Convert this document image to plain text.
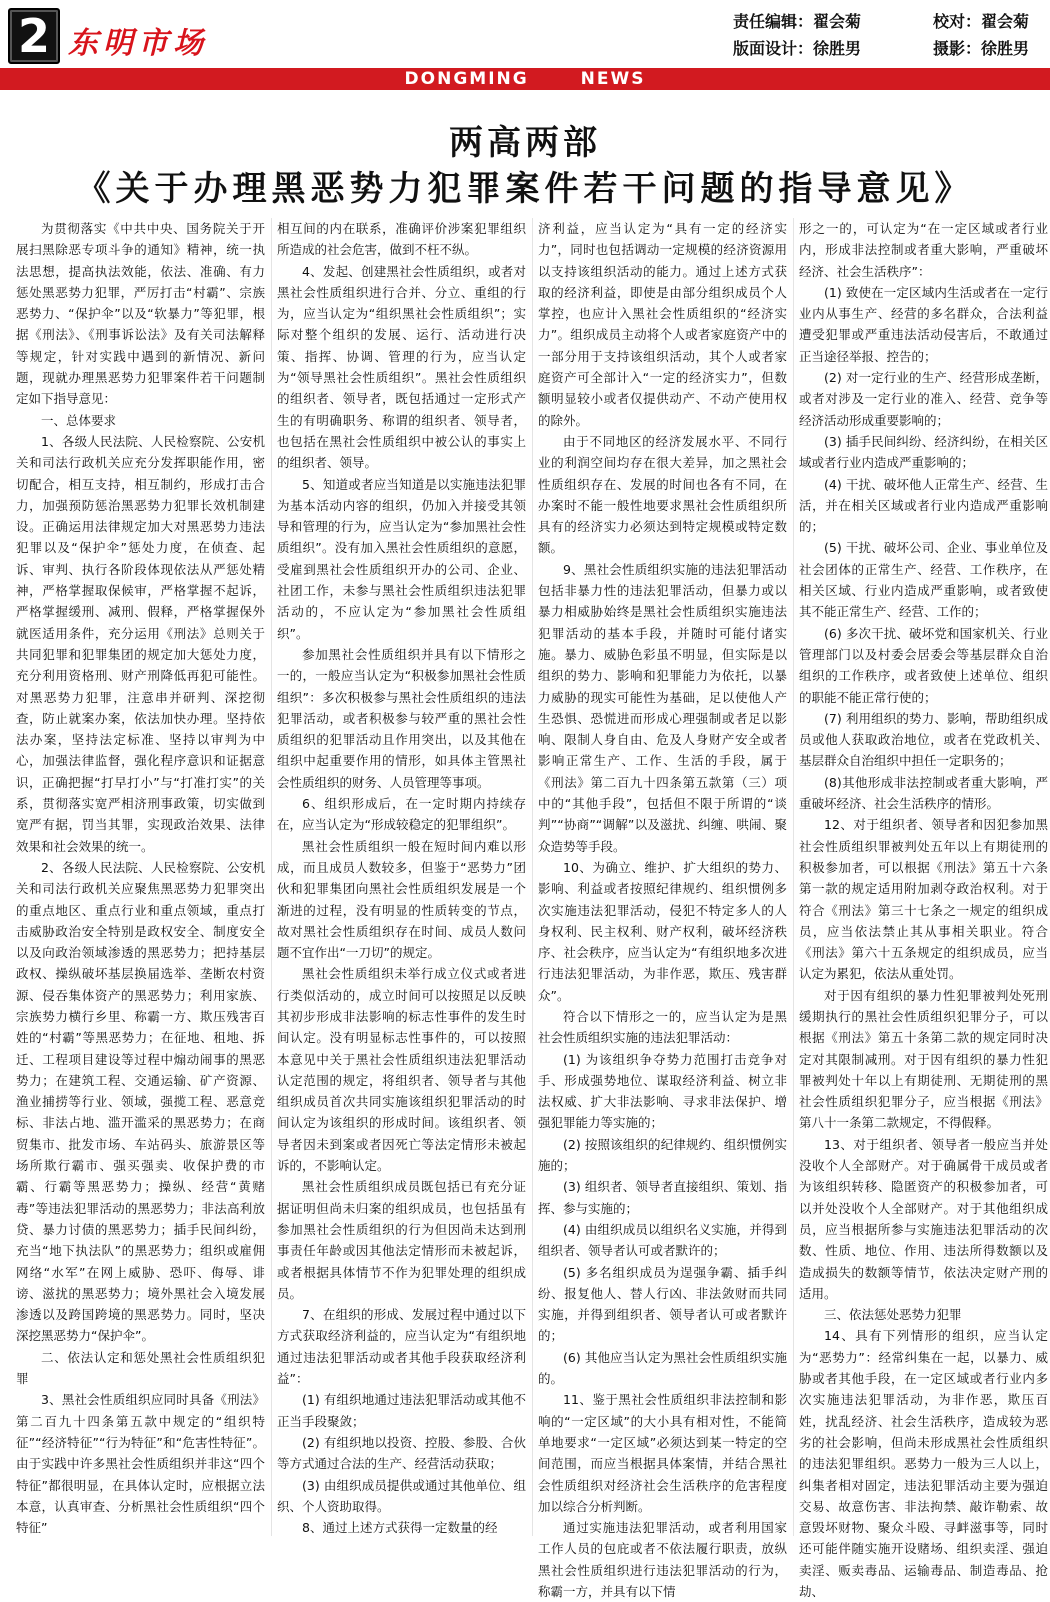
2 东明市场
责任编辑：翟会菊
版面设计：徐胜男
校对：翟会菊
摄影：徐胜男
DONGMING	NEWS
两高两部
《关于办理黑恶势力犯罪案件若干问题的指导意见》

为贯彻落实《中共中央、国务院关于开展扫黑除恶专项斗争的通知》精神，统一执法思想，提高执法效能，依法、准确、有力惩处黑恶势力犯罪，严厉打击“村霸”、宗族恶势力、“保护伞”以及“软暴力”等犯罪，根据《刑法》、《刑事诉讼法》及有关司法解释等规定，针对实践中遇到的新情况、新问题，现就办理黑恶势力犯罪案件若干问题制定如下指导意见：

一、总体要求

1、各级人民法院、人民检察院、公安机关和司法行政机关应充分发挥职能作用，密切配合，相互支持，相互制约，形成打击合力，加强预防惩治黑恶势力犯罪长效机制建设。正确运用法律规定加大对黑恶势力违法犯罪以及“保护伞”惩处力度，在侦查、起诉、审判、执行各阶段体现依法从严惩处精神，严格掌握取保候审，严格掌握不起诉，严格掌握缓刑、减刑、假释，严格掌握保外就医适用条件，充分运用《刑法》总则关于共同犯罪和犯罪集团的规定加大惩处力度，充分利用资格刑、财产刑降低再犯可能性。对黑恶势力犯罪，注意串并研判、深挖彻查，防止就案办案，依法加快办理。坚持依法办案，坚持法定标准、坚持以审判为中心，加强法律监督，强化程序意识和证据意识，正确把握“打早打小”与“打准打实”的关系，贯彻落实宽严相济刑事政策，切实做到宽严有据，罚当其罪，实现政治效果、法律效果和社会效果的统一。

2、各级人民法院、人民检察院、公安机关和司法行政机关应聚焦黑恶势力犯罪突出的重点地区、重点行业和重点领域，重点打击威胁政治安全特别是政权安全、制度安全以及向政治领域渗透的黑恶势力；把持基层政权、操纵破坏基层换届选举、垄断农村资源、侵吞集体资产的黑恶势力；利用家族、宗族势力横行乡里、称霸一方、欺压残害百姓的“村霸”等黑恶势力；在征地、租地、拆迁、工程项目建设等过程中煽动闹事的黑恶势力；在建筑工程、交通运输、矿产资源、渔业捕捞等行业、领域，强揽工程、恶意竞标、非法占地、滥开滥采的黑恶势力；在商贸集市、批发市场、车站码头、旅游景区等场所欺行霸市、强买强卖、收保护费的市霸、行霸等黑恶势力；操纵、经营“黄赌毒”等违法犯罪活动的黑恶势力；非法高利放贷、暴力讨债的黑恶势力；插手民间纠纷，充当“地下执法队”的黑恶势力；组织或雇佣网络“水军”在网上威胁、恐吓、侮辱、诽谤、滋扰的黑恶势力；境外黑社会入境发展渗透以及跨国跨境的黑恶势力。同时，坚决深挖黑恶势力“保护伞”。

二、依法认定和惩处黑社会性质组织犯罪

3、黑社会性质组织应同时具备《刑法》第二百九十四条第五款中规定的“组织特征”“经济特征”“行为特征”和“危害性特征”。由于实践中许多黑社会性质组织并非这“四个特征”都很明显，在具体认定时，应根据立法本意，认真审查、分析黑社会性质组织“四个特征”

相互间的内在联系，准确评价涉案犯罪组织所造成的社会危害，做到不枉不纵。

4、发起、创建黑社会性质组织，或者对黑社会性质组织进行合并、分立、重组的行为，应当认定为“组织黑社会性质组织”；实际对整个组织的发展、运行、活动进行决策、指挥、协调、管理的行为，应当认定为“领导黑社会性质组织”。黑社会性质组织的组织者、领导者，既包括通过一定形式产生的有明确职务、称谓的组织者、领导者，也包括在黑社会性质组织中被公认的事实上的组织者、领导。

5、知道或者应当知道是以实施违法犯罪为基本活动内容的组织，仍加入并接受其领导和管理的行为，应当认定为“参加黑社会性质组织”。没有加入黑社会性质组织的意愿，受雇到黑社会性质组织开办的公司、企业、社团工作，未参与黑社会性质组织违法犯罪活动的，不应认定为“参加黑社会性质组织”。

参加黑社会性质组织并具有以下情形之一的，一般应当认定为“积极参加黑社会性质组织”：多次积极参与黑社会性质组织的违法犯罪活动，或者积极参与较严重的黑社会性质组织的犯罪活动且作用突出，以及其他在组织中起重要作用的情形，如具体主管黑社会性质组织的财务、人员管理等事项。

6、组织形成后，在一定时期内持续存在，应当认定为“形成较稳定的犯罪组织”。

黑社会性质组织一般在短时间内难以形成，而且成员人数较多，但鉴于“恶势力”团伙和犯罪集团向黑社会性质组织发展是一个渐进的过程，没有明显的性质转变的节点，故对黑社会性质组织存在时间、成员人数问题不宜作出“一刀切”的规定。

黑社会性质组织未举行成立仪式或者进行类似活动的，成立时间可以按照足以反映其初步形成非法影响的标志性事件的发生时间认定。没有明显标志性事件的，可以按照本意见中关于黑社会性质组织违法犯罪活动认定范围的规定，将组织者、领导者与其他组织成员首次共同实施该组织犯罪活动的时间认定为该组织的形成时间。该组织者、领导者因未到案或者因死亡等法定情形未被起诉的，不影响认定。

黑社会性质组织成员既包括已有充分证据证明但尚未归案的组织成员，也包括虽有参加黑社会性质组织的行为但因尚未达到刑事责任年龄或因其他法定情形而未被起诉，或者根据具体情节不作为犯罪处理的组织成员。

7、在组织的形成、发展过程中通过以下方式获取经济利益的，应当认定为“有组织地通过违法犯罪活动或者其他手段获取经济利益”：

(1) 有组织地通过违法犯罪活动或其他不正当手段聚敛；

(2) 有组织地以投资、控股、参股、合伙等方式通过合法的生产、经营活动获取；

(3) 由组织成员提供或通过其他单位、组织、个人资助取得。

8、通过上述方式获得一定数量的经

济利益，应当认定为“具有一定的经济实力”，同时也包括调动一定规模的经济资源用以支持该组织活动的能力。通过上述方式获取的经济利益，即使是由部分组织成员个人掌控，也应计入黑社会性质组织的“经济实力”。组织成员主动将个人或者家庭资产中的一部分用于支持该组织活动，其个人或者家庭资产可全部计入“一定的经济实力”，但数额明显较小或者仅提供动产、不动产使用权的除外。

由于不同地区的经济发展水平、不同行业的利润空间均存在很大差异，加之黑社会性质组织存在、发展的时间也各有不同，在办案时不能一般性地要求黑社会性质组织所具有的经济实力必须达到特定规模或特定数额。

9、黑社会性质组织实施的违法犯罪活动包括非暴力性的违法犯罪活动，但暴力或以暴力相威胁始终是黑社会性质组织实施违法犯罪活动的基本手段，并随时可能付诸实施。暴力、威胁色彩虽不明显，但实际是以组织的势力、影响和犯罪能力为依托，以暴力威胁的现实可能性为基础，足以使他人产生恐惧、恐慌进而形成心理强制或者足以影响、限制人身自由、危及人身财产安全或者影响正常生产、工作、生活的手段，属于《刑法》第二百九十四条第五款第（三）项中的“其他手段”，包括但不限于所谓的“谈判”“协商”“调解”以及滋扰、纠缠、哄闹、聚众造势等手段。

10、为确立、维护、扩大组织的势力、影响、利益或者按照纪律规约、组织惯例多次实施违法犯罪活动，侵犯不特定多人的人身权利、民主权利、财产权利，破坏经济秩序、社会秩序，应当认定为“有组织地多次进行违法犯罪活动，为非作恶，欺压、残害群众”。

符合以下情形之一的，应当认定为是黑社会性质组织实施的违法犯罪活动：

(1) 为该组织争夺势力范围打击竞争对手、形成强势地位、谋取经济利益、树立非法权威、扩大非法影响、寻求非法保护、增强犯罪能力等实施的；

(2) 按照该组织的纪律规约、组织惯例实施的；

(3) 组织者、领导者直接组织、策划、指挥、参与实施的；

(4) 由组织成员以组织名义实施，并得到组织者、领导者认可或者默许的；

(5) 多名组织成员为逞强争霸、插手纠纷、报复他人、替人行凶、非法敛财而共同实施，并得到组织者、领导者认可或者默许的；

(6) 其他应当认定为黑社会性质组织实施的。

11、鉴于黑社会性质组织非法控制和影响的“一定区域”的大小具有相对性，不能简单地要求“一定区域”必须达到某一特定的空间范围，而应当根据具体案情，并结合黑社会性质组织对经济社会生活秩序的危害程度加以综合分析判断。

通过实施违法犯罪活动，或者利用国家工作人员的包庇或者不依法履行职责，放纵黑社会性质组织进行违法犯罪活动的行为，称霸一方，并具有以下情

形之一的，可认定为“在一定区域或者行业内，形成非法控制或者重大影响，严重破坏经济、社会生活秩序”：

(1) 致使在一定区域内生活或者在一定行业内从事生产、经营的多名群众，合法利益遭受犯罪或严重违法活动侵害后，不敢通过正当途径举报、控告的；

(2) 对一定行业的生产、经营形成垄断，或者对涉及一定行业的准入、经营、竞争等经济活动形成重要影响的；

(3) 插手民间纠纷、经济纠纷，在相关区域或者行业内造成严重影响的；

(4) 干扰、破坏他人正常生产、经营、生活，并在相关区域或者行业内造成严重影响的；

(5) 干扰、破坏公司、企业、事业单位及社会团体的正常生产、经营、工作秩序，在相关区域、行业内造成严重影响，或者致使其不能正常生产、经营、工作的；

(6) 多次干扰、破坏党和国家机关、行业管理部门以及村委会居委会等基层群众自治组织的工作秩序，或者致使上述单位、组织的职能不能正常行使的；

(7) 利用组织的势力、影响，帮助组织成员或他人获取政治地位，或者在党政机关、基层群众自治组织中担任一定职务的；

(8)其他形成非法控制或者重大影响，严重破坏经济、社会生活秩序的情形。

12、对于组织者、领导者和因犯参加黑社会性质组织罪被判处五年以上有期徒刑的积极参加者，可以根据《刑法》第五十六条第一款的规定适用附加剥夺政治权利。对于符合《刑法》第三十七条之一规定的组织成员，应当依法禁止其从事相关职业。符合《刑法》第六十五条规定的组织成员，应当认定为累犯，依法从重处罚。

对于因有组织的暴力性犯罪被判处死刑缓期执行的黑社会性质组织犯罪分子，可以根据《刑法》第五十条第二款的规定同时决定对其限制减刑。对于因有组织的暴力性犯罪被判处十年以上有期徒刑、无期徒刑的黑社会性质组织犯罪分子，应当根据《刑法》第八十一条第二款规定，不得假释。

13、对于组织者、领导者一般应当并处没收个人全部财产。对于确属骨干成员或者为该组织转移、隐匿资产的积极参加者，可以并处没收个人全部财产。对于其他组织成员，应当根据所参与实施违法犯罪活动的次数、性质、地位、作用、违法所得数额以及造成损失的数额等情节，依法决定财产刑的适用。

三、依法惩处恶势力犯罪

14、具有下列情形的组织，应当认定为“恶势力”：经常纠集在一起，以暴力、威胁或者其他手段，在一定区域或者行业内多次实施违法犯罪活动，为非作恶，欺压百姓，扰乱经济、社会生活秩序，造成较为恶劣的社会影响，但尚未形成黑社会性质组织的违法犯罪组织。恶势力一般为三人以上，纠集者相对固定，违法犯罪活动主要为强迫交易、故意伤害、非法拘禁、敲诈勒索、故意毁坏财物、聚众斗殴、寻衅滋事等，同时还可能伴随实施开设赌场、组织卖淫、强迫卖淫、贩卖毒品、运输毒品、制造毒品、抢劫、
